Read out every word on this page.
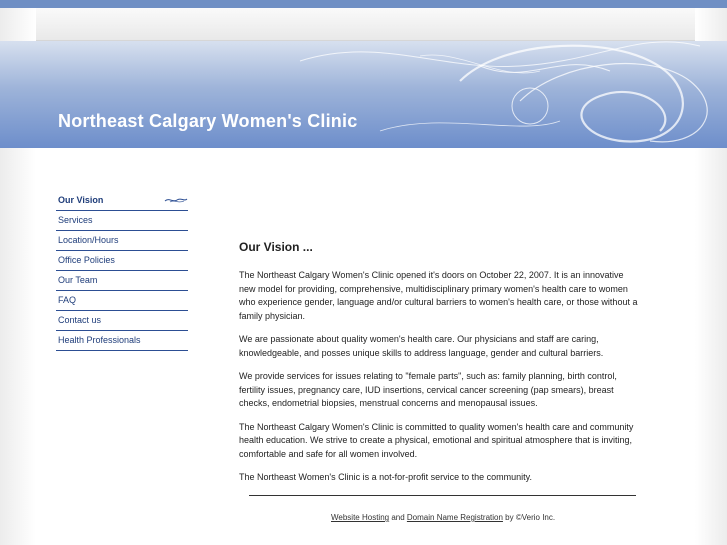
Northeast Calgary Women's Clinic
Our Vision
Services
Location/Hours
Office Policies
Our Team
FAQ
Contact us
Health Professionals
Our Vision ...

The Northeast Calgary Women's Clinic opened it's doors on October 22, 2007. It is an innovative new model for providing, comprehensive, multidisciplinary primary women's health care to women who experience gender, language and/or cultural barriers to women's health care, or those without a family physician.

We are passionate about quality women's health care. Our physicians and staff are caring, knowledgeable, and posses unique skills to address language, gender and cultural barriers.

We provide services for issues relating to "female parts", such as: family planning, birth control, fertility issues, pregnancy care, IUD insertions, cervical cancer screening (pap smears), breast checks, endometrial biopsies, menstrual concerns and menopausal issues.

The Northeast Calgary Women's Clinic is committed to quality women's health care and community health education. We strive to create a physical, emotional and spiritual atmosphere that is inviting, comfortable and safe for all women involved.

The Northeast Women's Clinic is a not-for-profit service to the community.

Website Hosting and Domain Name Registration by ©Verio Inc.
